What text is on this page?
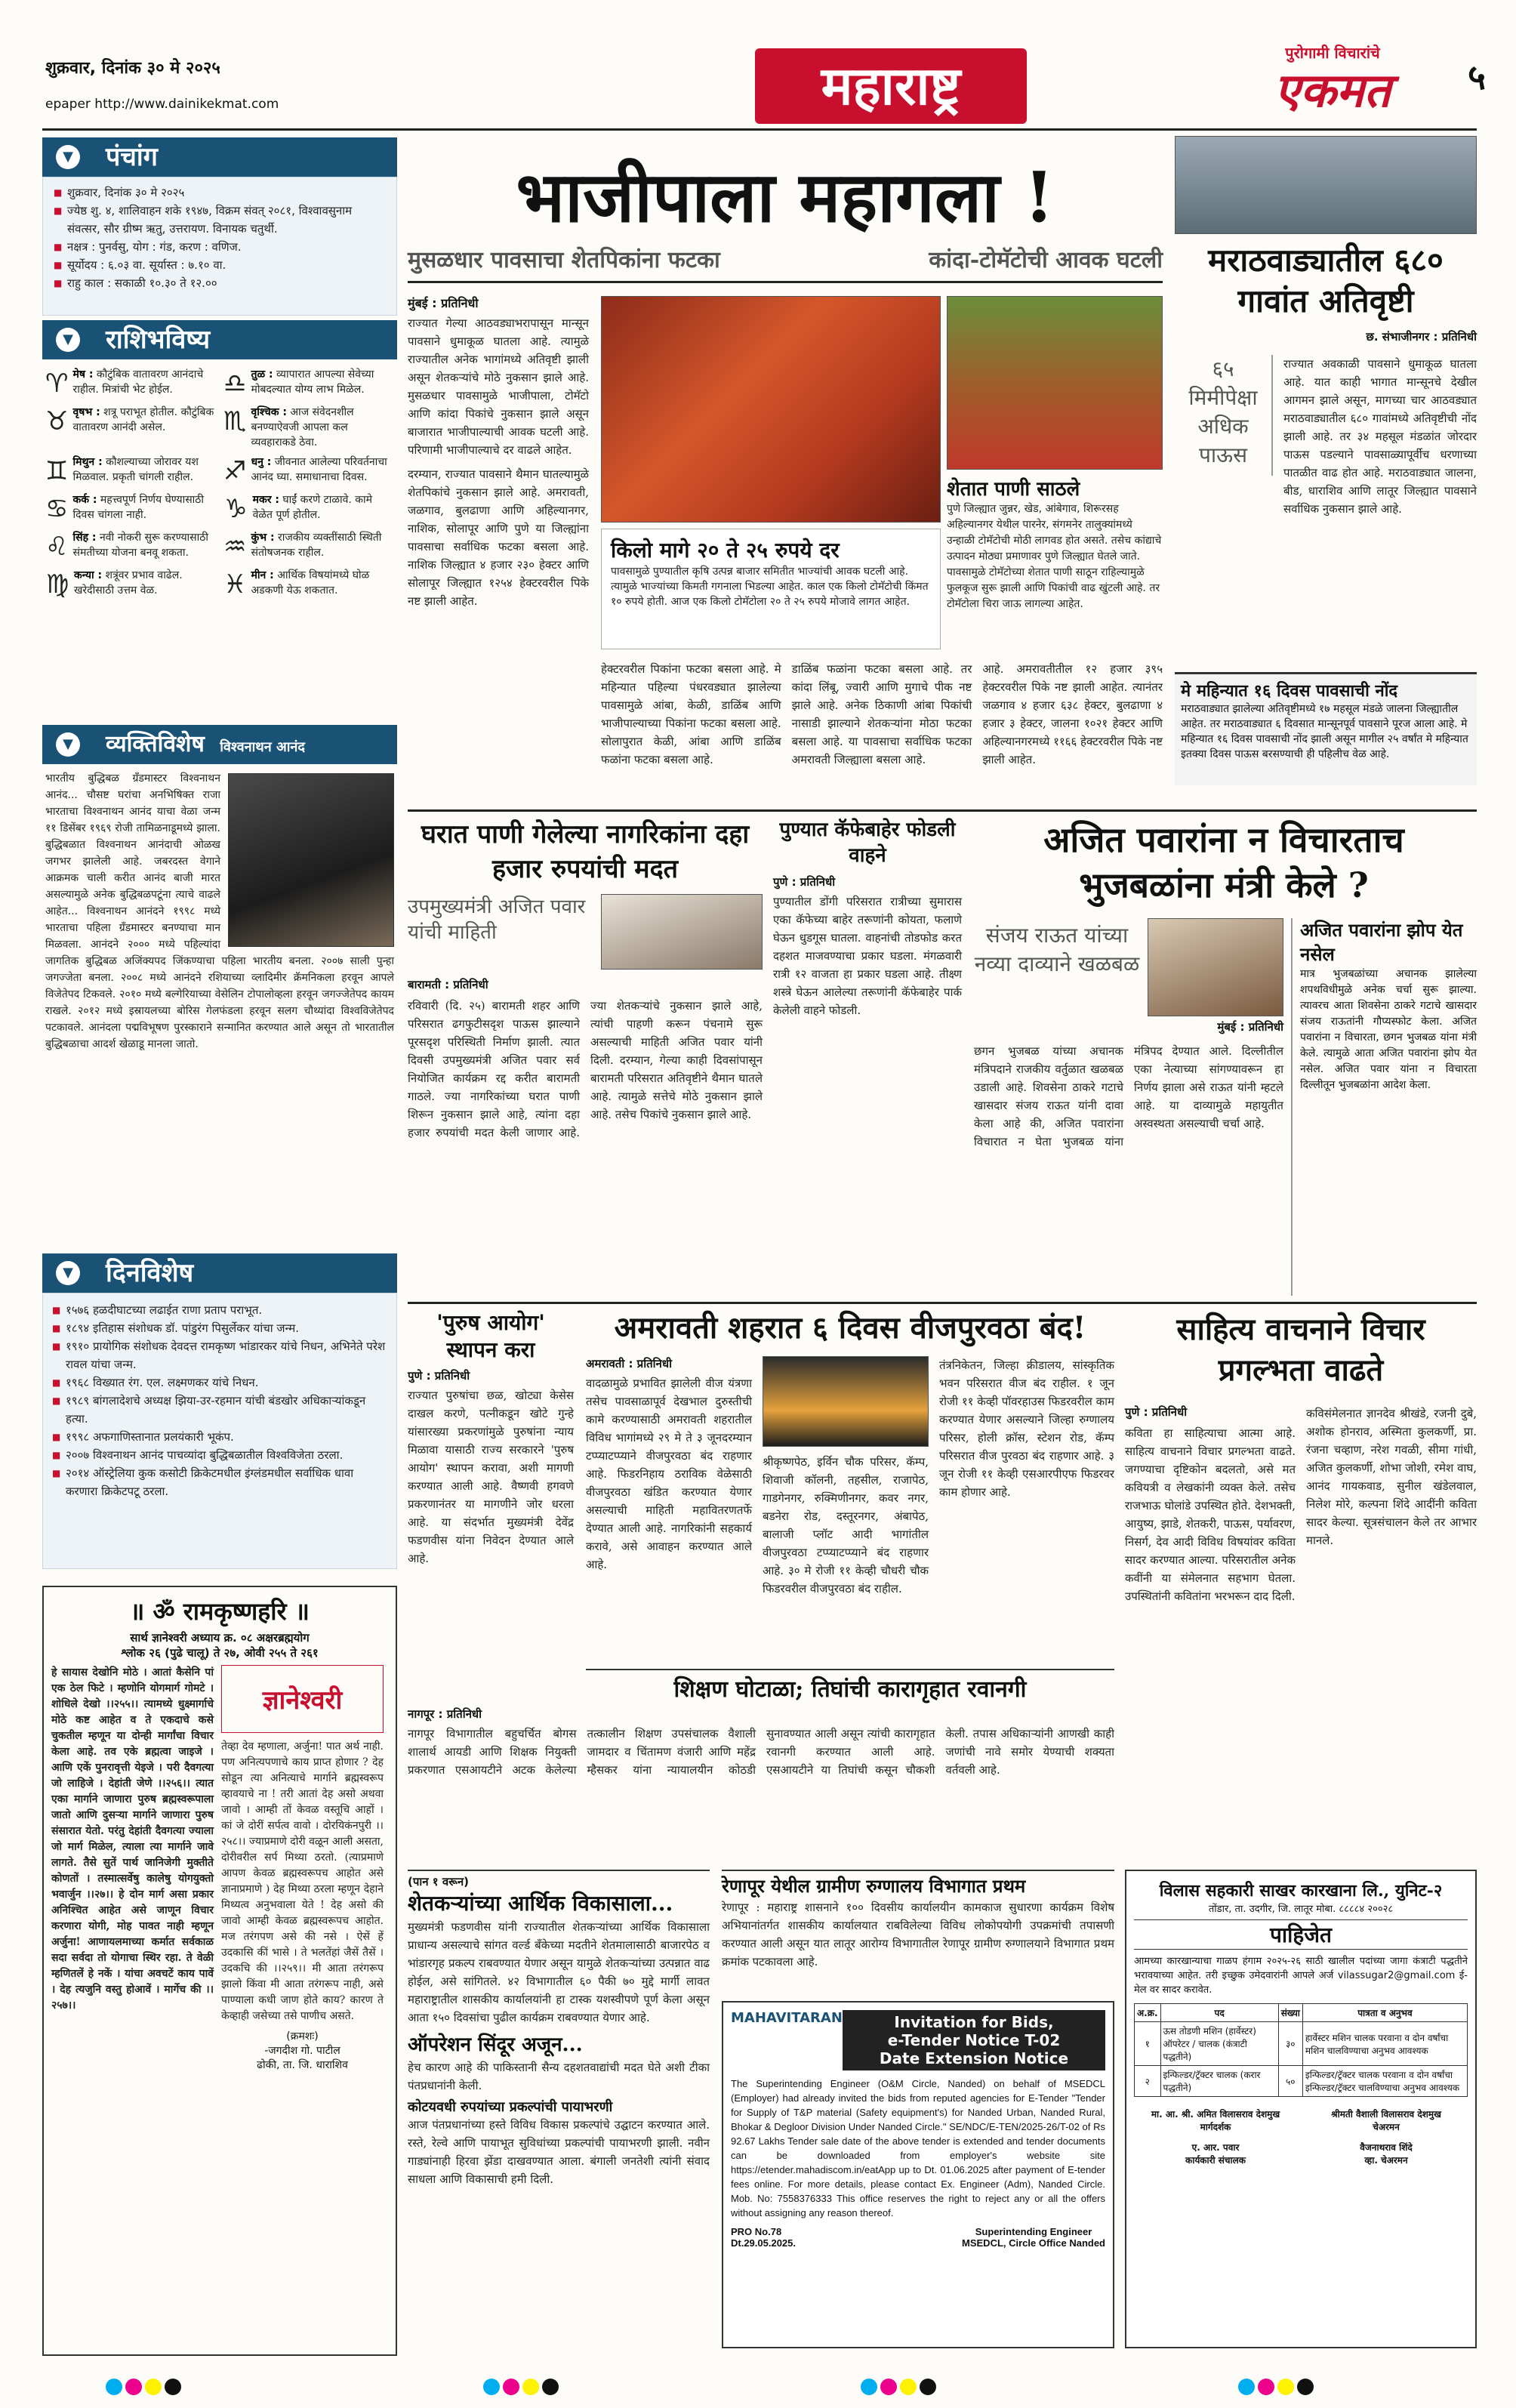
शुक्रवार, दिनांक ३० मे २०२५
epaper http://www.dainikekmat.com	महाराष्ट्र
पुरोगामी विचारांचे
एकमत	५
▼ पंचांग
■ शुक्रवार, दिनांक ३० मे २०२५
■ ज्येष्ठ शु. ४, शालिवाहन शके १९४७, विक्रम संवत् २०८१, विश्वावसुनाम संवत्सर, सौर ग्रीष्म ऋतु, उत्तरायण. विनायक चतुर्थी.
■ नक्षत्र : पुनर्वसु, योग : गंड, करण : वणिज.
■ सूर्योदय : ६.०३ वा. सूर्यास्त : ७.१० वा.
■ राहु काल : सकाळी १०.३० ते १२.००
▼ राशिभविष्य
♈ मेष : कौटुंबिक वातावरण आनंदाचे राहील. मित्रांची भेट होईल.	♎ तुळ : व्यापारात आपल्या सेवेच्या मोबदल्यात योग्य लाभ मिळेल.
♉ वृषभ : शत्रू पराभूत होतील. कौटुंबिक वातावरण आनंदी असेल.	♏ वृश्चिक : आज संवेदनशील बनण्याऐवजी आपला कल व्यवहाराकडे ठेवा.
♊ मिथुन : कौशल्याच्या जोरावर यश मिळवाल. प्रकृती चांगली राहील.	♐ धनु : जीवनात आलेल्या परिवर्तनाचा आनंद घ्या. समाधानाचा दिवस.
♋ कर्क : महत्त्वपूर्ण निर्णय घेण्यासाठी दिवस चांगला नाही.	♑ मकर : घाईं करणे टाळावे. कामे वेळेत पूर्ण होतील.
♌ सिंह : नवी नोकरी सुरू करण्यासाठी संमतीच्या योजना बनवू शकता.	♒ कुंभ : राजकीय व्यक्तींसाठी स्थिती संतोषजनक राहील.
♍ कन्या : शत्रूंवर प्रभाव वाढेल. खरेदीसाठी उत्तम वेळ.	♓ मीन : आर्थिक विषयांमध्ये घोळ अडकणी येऊ शकतात.
▼	व्यक्तिविशेष विश्वनाथन आनंद
भारतीय बुद्धिबळ ग्रँडमास्टर विश्वनाथन आनंद... चौसष्ट घरांचा अनभिषिक्त राजा भारताचा विश्वनाथन आनंद याचा वेळा जन्म ११ डिसेंबर १९६९ रोजी तामिळनाडूमध्ये झाला. बुद्धिबळात विश्वनाथन आनंदाची ओळख जगभर झालेली आहे. जबरदस्त वेगाने आक्रमक चाली करीत आनंद बाजी मारत असल्यामुळे अनेक बुद्धिबळपटूंना त्याचे वाढले आहेत... विश्वनाथन आनंदने १९९८ मध्ये भारताचा पहिला ग्रँडमास्टर बनण्याचा मान मिळवला. आनंदने २००० मध्ये पहिल्यांदा जागतिक बुद्धिबळ अजिंक्यपद जिंकण्याचा पहिला भारतीय बनला. २००७ साली पुन्हा जगज्जेता बनला. २००८ मध्ये आनंदने रशियाच्या व्लादिमीर क्रॅमनिकला हरवून आपले विजेतेपद टिकवले. २०१० मध्ये बल्गेरियाच्या वेसेलिन टोपालोव्हला हरवून जगज्जेतेपद कायम राखले. २०१२ मध्ये इस्रायलच्या बोरिस गेलफंडला हरवून सलग चौथ्यांदा विश्वविजेतेपद पटकावले. आनंदला पद्मविभूषण पुरस्काराने सन्मानित करण्यात आले असून तो भारतातील बुद्धिबळाचा आदर्श खेळाडू मानला जातो.
▼ दिनविशेष
■ १५७६ हळदीघाटच्या लढाईत राणा प्रताप पराभूत.
■ १८९४ इतिहास संशोधक डॉ. पांडुरंग पिसुर्लेकर यांचा जन्म.
■ १९१० प्रायोगिक संशोधक देवदत्त रामकृष्ण भांडारकर यांचे निधन, अभिनेते परेश रावल यांचा जन्म.
■ १९६८ विख्यात रंग. एल. लक्ष्मणकर यांचे निधन.
■ १९८९ बांगलादेशचे अध्यक्ष झिया-उर-रहमान यांची बंडखोर अधिकाऱ्यांकडून हत्या.
■ १९९८ अफगाणिस्तानात प्रलयंकारी भूकंप.
■ २००७ विश्वनाथन आनंद पाचव्यांदा बुद्धिबळातील विश्वविजेता ठरला.
■ २०१४ ऑस्ट्रेलिया कुक कसोटी क्रिकेटमधील इंग्लंडमधील सर्वाधिक धावा करणारा क्रिकेटपटू ठरला.
॥ ॐ रामकृष्णहरि ॥
सार्थ ज्ञानेश्वरी अध्याय क्र. ०८ अक्षरब्रह्मयोग
श्लोक २६ (पुढे चालू) ते २७, ओवी २५५ ते २६१
हे सायास देखोनि मोठे । आतां कैसेनि पां एक ठेल फिटे । म्हणोनि योगमार्ग गोमटे । शोधिले देखो ।।२५५।। त्यामध्ये धुक्ष्मार्गाचे मोठे कष्ट आहेत व ते एकदाचे कसे चुकतील म्हणून या दोन्ही मार्गांचा विचार केला आहे. तव एके ब्रह्मत्वा जाइजे । आणि एकें पुनरावृत्ती येइजे । परी दैवगत्या जो लाहिजे । देहांती जेणे ।।२५६।। त्यात एका मार्गाने जाणारा पुरुष ब्रह्मस्वरूपाला जातो आणि दुसऱ्या मार्गाने जाणारा पुरुष संसारात येतो. परंतु देहांती दैवगत्या ज्याला जो मार्ग मिळेल, त्याला त्या मार्गाने जावे लागते. तैसे सुतें पार्थ जानिजेगी मुक्तीते कोणतों । तस्मात्सर्वेषु कालेषु योगयुक्तो भवार्जुन ।।२७।। हे दोन मार्ग असा प्रकार अनिश्चित आहेत असे जाणून विचार करणारा योगी, मोह पावत नाही म्हणून अर्जुना! आणायलमाच्या कर्मात सर्वकाळ सदा सर्वदा तो योगाचा स्थिर रहा. ते वेळी म्हणितलें हे नकें । यांचा अवचटें काय पावें । देह त्यजुनि वस्तु होआवें । मार्गेच की ।।२५७।।
ज्ञानेश्वरी
तेव्हा देव म्हणाला, अर्जुना! पात अर्थ नाही. पण अनित्यपणाचे काय प्राप्त होणार ? देह सोडून त्या अनित्याचे मार्गाने ब्रह्मस्वरूप व्हावयाचे ना ! तरी आतां देह असो अथवा जावो । आम्ही तों केवळ वस्तूचि आहों । कां जे दोरीं सर्पत्व वावो । दोरयिकंनपुरी ।।२५८।। ज्याप्रमाणे दोरी वळून आली असता, दोरीवरील सर्प मिथ्या ठरतो. (त्याप्रमाणे आपण केवळ ब्रह्मस्वरूपच आहोत असे ज्ञानाप्रमाणे ) देह मिथ्या ठरला म्हणून देहाने मिथ्यत्व अनुभवाला येते ! देह असो की जावो आम्ही केवळ ब्रह्मस्वरूपच आहोत. मज तरंगपण असे की नसे । ऐसें हें उदकासि कीं भासे । ते भलतेंहां जैसें तैसें । उदकचि की ।।२५९।। मी आता तरंगरूप झालो किंवा मी आता तरंगरूप नाही, असे पाण्याला कधी जाण होते काय? कारण ते केव्हाही जसेच्या तसे पाणीच असते.
(क्रमशः)
-जगदीश गो. पाटील
ढोकी, ता. जि. धाराशिव
भाजीपाला महागला !
मुसळधार पावसाचा शेतपिकांना फटका	कांदा-टोमॅटोची आवक घटली
मुंबई : प्रतिनिधी
राज्यात गेल्या आठवड्याभरापासून मान्सून पावसाने धुमाकूळ घातला आहे. त्यामुळे राज्यातील अनेक भागांमध्ये अतिवृष्टी झाली असून शेतकऱ्यांचे मोठे नुकसान झाले आहे. मुसळधार पावसामुळे भाजीपाला, टोमॅटो आणि कांदा पिकांचे नुकसान झाले असून बाजारात भाजीपाल्याची आवक घटली आहे. परिणामी भाजीपाल्याचे दर वाढले आहेत.
दरम्यान, राज्यात पावसाने थैमान घातल्यामुळे शेतपिकांचे नुकसान झाले आहे. अमरावती, जळगाव, बुलढाणा आणि अहिल्यानगर, नाशिक, सोलापूर आणि पुणे या जिल्ह्यांना पावसाचा सर्वाधिक फटका बसला आहे. नाशिक जिल्ह्यात ४ हजार २३० हेक्टर आणि सोलापूर जिल्ह्यात १२५४ हेक्टरवरील पिके नष्ट झाली आहेत.
किलो मागे २० ते २५ रुपये दर
पावसामुळे पुण्यातील कृषि उत्पन्न बाजार समितीत भाज्यांची आवक घटली आहे. त्यामुळे भाज्यांच्या किमती गगनाला भिडल्या आहेत. काल एक किलो टोमॅटोची किंमत १० रुपये होती. आज एक किलो टोमॅटोला २० ते २५ रुपये मोजावे लागत आहेत.
शेतात पाणी साठले
पुणे जिल्ह्यात जुन्नर, खेड, आंबेगाव, शिरूरसह अहिल्यानगर येथील पारनेर, संगमनेर तालुक्यांमध्ये उन्हाळी टोमॅटोची मोठी लागवड होत असते. तसेच कांद्याचे उत्पादन मोठ्या प्रमाणावर पुणे जिल्ह्यात घेतले जाते. पावसामुळे टोमॅटोच्या शेतात पाणी साठून राहिल्यामुळे फुलकूज सुरू झाली आणि पिकांची वाढ खुंटली आहे. तर टोमॅटोला चिरा जाऊ लागल्या आहेत.
हेक्टरवरील पिकांना फटका बसला आहे. मे महिन्यात पहिल्या पंधरवड्यात झालेल्या पावसामुळे आंबा, केळी, डाळिंब आणि भाजीपाल्याच्या पिकांना फटका बसला आहे. सोलापुरात केळी, आंबा आणि डाळिंब फळांना फटका बसला आहे.
डाळिंब फळांना फटका बसला आहे. तर कांदा लिंबू, ज्वारी आणि मुगाचे पीक नष्ट झाले आहे. अनेक ठिकाणी आंबा पिकांची नासाडी झाल्याने शेतकऱ्यांना मोठा फटका बसला आहे. या पावसाचा सर्वाधिक फटका अमरावती जिल्ह्याला बसला आहे.
आहे. अमरावतीतील १२ हजार ३९५ हेक्टरवरील पिके नष्ट झाली आहेत. त्यानंतर जळगाव ४ हजार ६३८ हेक्टर, बुलढाणा ४ हजार ३ हेक्टर, जालना १०२१ हेक्टर आणि अहिल्यानगरमध्ये ११६६ हेक्टरवरील पिके नष्ट झाली आहेत.
मराठवाड्यातील ६८० गावांत अतिवृष्टी
छ. संभाजीनगर : प्रतिनिधी
६५ मिमीपेक्षा अधिक पाऊस
राज्यात अवकाळी पावसाने धुमाकूळ घातला आहे. यात काही भागात मान्सूनचे देखील आगमन झाले असून, मागच्या चार आठवड्यात मराठवाड्यातील ६८० गावांमध्ये अतिवृष्टीची नोंद झाली आहे. तर ३४ महसूल मंडळांत जोरदार पाऊस पडल्याने पावसाळ्यापूर्वीच धरणाच्या पातळीत वाढ होत आहे. मराठवाड्यात जालना, बीड, धाराशिव आणि लातूर जिल्ह्यात पावसाने सर्वाधिक नुकसान झाले आहे.
मे महिन्यात १६ दिवस पावसाची नोंद
मराठवाड्यात झालेल्या अतिवृष्टीमध्ये १७ महसूल मंडळे जालना जिल्ह्यातील आहेत. तर मराठवाड्यात ६ दिवसात मान्सूनपूर्व पावसाने पूरज आला आहे. मे महिन्यात १६ दिवस पावसाची नोंद झाली असून मागील २५ वर्षांत मे महिन्यात इतक्या दिवस पाऊस बरसण्याची ही पहिलीच वेळ आहे.
घरात पाणी गेलेल्या नागरिकांना दहा हजार रुपयांची मदत
उपमुख्यमंत्री अजित पवार यांची माहिती
बारामती : प्रतिनिधी
रविवारी (दि. २५) बारामती शहर आणि परिसरात ढगफुटीसदृश पाऊस झाल्याने पूरसदृश परिस्थिती निर्माण झाली. त्यात दिवसी उपमुख्यमंत्री अजित पवार सर्व नियोजित कार्यक्रम रद्द करीत बारामती गाठले. ज्या नागरिकांच्या घरात पाणी शिरून नुकसान झाले आहे, त्यांना दहा हजार रुपयांची मदत केली जाणार आहे. ज्या शेतकऱ्यांचे नुकसान झाले आहे, त्यांची पाहणी करून पंचनामे सुरू असल्याची माहिती अजित पवार यांनी दिली. दरम्यान, गेल्या काही दिवसांपासून बारामती परिसरात अतिवृष्टीने थैमान घातले आहे. त्यामुळे सत्तेचे मोठे नुकसान झाले आहे. तसेच पिकांचे नुकसान झाले आहे.
पुण्यात कॅफेबाहेर फोडली वाहने
पुणे : प्रतिनिधी
पुण्यातील डोंगी परिसरात रात्रीच्या सुमारास एका कॅफेच्या बाहेर तरूणांनी कोयता, फलाणे घेऊन धुडगूस घातला. वाहनांची तोडफोड करत दहशत माजवण्याचा प्रकार घडला. मंगळवारी रात्री १२ वाजता हा प्रकार घडला आहे. तीक्ष्ण शस्त्रे घेऊन आलेल्या तरूणांनी कॅफेबाहेर पार्क केलेली वाहने फोडली.
अजित पवारांना न विचारताच भुजबळांना मंत्री केले ?
संजय राऊत यांच्या नव्या दाव्याने खळबळ
मुंबई : प्रतिनिधी
छगन भुजबळ यांच्या अचानक मंत्रिपदाने राजकीय वर्तुळात खळबळ उडाली आहे. शिवसेना ठाकरे गटाचे खासदार संजय राऊत यांनी दावा केला आहे की, अजित पवारांना विचारात न घेता भुजबळ यांना मंत्रिपद देण्यात आले. दिल्लीतील एका नेत्याच्या सांगण्यावरून हा निर्णय झाला असे राऊत यांनी म्हटले आहे. या दाव्यामुळे महायुतीत अस्वस्थता असल्याची चर्चा आहे.
अजित पवारांना झोप येत नसेल
मात्र भुजबळांच्या अचानक झालेल्या शपथविधीमुळे अनेक चर्चा सुरू झाल्या. त्यावरच आता शिवसेना ठाकरे गटाचे खासदार संजय राऊतांनी गौप्यस्फोट केला. अजित पवारांना न विचारता, छगन भुजबळ यांना मंत्री केले. त्यामुळे आता अजित पवारांना झोप येत नसेल. अजित पवार यांना न विचारता दिल्लीतून भुजबळांना आदेश केला.
'पुरुष आयोग' स्थापन करा
पुणे : प्रतिनिधी
राज्यात पुरुषांचा छळ, खोट्या केसेस दाखल करणे, पत्नीकडून खोटे गुन्हे यांसारख्या प्रकरणांमुळे पुरुषांना न्याय मिळावा यासाठी राज्य सरकारने 'पुरुष आयोग' स्थापन करावा, अशी मागणी करण्यात आली आहे. वैष्णवी हगवणे प्रकरणानंतर या मागणीने जोर धरला आहे. या संदर्भात मुख्यमंत्री देवेंद्र फडणवीस यांना निवेदन देण्यात आले आहे.
अमरावती शहरात ६ दिवस वीजपुरवठा बंद!
अमरावती : प्रतिनिधी
वादळामुळे प्रभावित झालेली वीज यंत्रणा तसेच पावसाळापूर्व देखभाल दुरुस्तीची कामे करण्यासाठी अमरावती शहरातील विविध भागांमध्ये २९ मे ते ३ जूनदरम्यान टप्प्याटप्प्याने वीजपुरवठा बंद राहणार आहे. फिडरनिहाय ठराविक वेळेसाठी वीजपुरवठा खंडित करण्यात येणार असल्याची माहिती महावितरणतर्फे देण्यात आली आहे. नागरिकांनी सहकार्य करावे, असे आवाहन करण्यात आले आहे.
श्रीकृष्णपेठ, इर्विन चौक परिसर, कॅम्प, शिवाजी कॉलनी, तहसील, राजापेठ, गाडगेनगर, रुक्मिणीनगर, कवर नगर, बडनेरा रोड, दस्तूरनगर, अंबापेठ, बालाजी प्लॉट आदी भागांतील वीजपुरवठा टप्प्याटप्प्याने बंद राहणार आहे. ३० मे रोजी ११ केव्ही चौधरी चौक फिडरवरील वीजपुरवठा बंद राहील.
तंत्रनिकेतन, जिल्हा क्रीडालय, सांस्कृतिक भवन परिसरात वीज बंद राहील. १ जून रोजी ११ केव्ही पॉवरहाउस फिडरवरील काम करण्यात येणार असल्याने जिल्हा रुग्णालय परिसर, होली क्रॉस, स्टेशन रोड, कॅम्प परिसरात वीज पुरवठा बंद राहणार आहे. ३ जून रोजी ११ केव्ही एसआरपीएफ फिडरवर काम होणार आहे.
साहित्य वाचनाने विचार प्रगल्भता वाढते
पुणे : प्रतिनिधी
कविता हा साहित्याचा आत्मा आहे. साहित्य वाचनाने विचार प्रगल्भता वाढते. जगण्याचा दृष्टिकोन बदलतो, असे मत कवियत्री व लेखकांनी व्यक्त केले. तसेच राजभाऊ घोलांडे उपस्थित होते. देशभक्ती, आयुष्य, झाडे, शेतकरी, पाऊस, पर्यावरण, निसर्ग, देव आदी विविध विषयांवर कविता सादर करण्यात आल्या. परिसरातील अनेक कवींनी या संमेलनात सहभाग घेतला. उपस्थितांनी कवितांना भरभरून दाद दिली.
कविसंमेलनात ज्ञानदेव श्रीखंडे, रजनी दुबे, अशोक होनराव, अस्मिता कुलकर्णी, प्रा. रंजना चव्हाण, नरेश गवळी, सीमा गांधी, अजित कुलकर्णी, शोभा जोशी, रमेश वाघ, आनंद गायकवाड, सुनील खंडेलवाल, निलेश मोरे, कल्पना शिंदे आदींनी कविता सादर केल्या. सूत्रसंचालन केले तर आभार मानले.
शिक्षण घोटाळा; तिघांची कारागृहात रवानगी
नागपूर : प्रतिनिधी
नागपूर विभागातील बहुचर्चित बोगस शालार्थ आयडी आणि शिक्षक नियुक्ती प्रकरणात एसआयटीने अटक केलेल्या तत्कालीन शिक्षण उपसंचालक वैशाली जामदार व चिंतामण वंजारी आणि महेंद्र म्हैसकर यांना न्यायालयीन कोठडी सुनावण्यात आली असून त्यांची कारागृहात रवानगी करण्यात आली आहे. एसआयटीने या तिघांची कसून चौकशी केली. तपास अधिकाऱ्यांनी आणखी काही जणांची नावे समोर येण्याची शक्यता वर्तवली आहे.
(पान १ वरून)
शेतकऱ्यांच्या आर्थिक विकासाला...
मुख्यमंत्री फडणवीस यांनी राज्यातील शेतकऱ्यांच्या आर्थिक विकासाला प्राधान्य असल्याचे सांगत वर्ल्ड बँकेच्या मदतीने शेतमालासाठी बाजारपेठ व भांडारगृह प्रकल्प राबवण्यात येणार असून यामुळे शेतकऱ्यांच्या उत्पन्नात वाढ होईल, असे सांगितले. ४२ विभागातील ६० पैकी ७० मुद्दे मार्गी लावत महाराष्ट्रातील शासकीय कार्यालयांनी हा टास्क यशस्वीपणे पूर्ण केला असून आता १५० दिवसांचा पुढील कार्यक्रम राबवण्यात येणार आहे.
ऑपरेशन सिंदूर अजून...
हेच कारण आहे की पाकिस्तानी सैन्य दहशतवाद्यांची मदत घेते अशी टीका पंतप्रधानांनी केली.
कोटयवधी रुपयांच्या प्रकल्पांची पायाभरणी
आज पंतप्रधानांच्या हस्ते विविध विकास प्रकल्पांचे उद्घाटन करण्यात आले. रस्ते, रेल्वे आणि पायाभूत सुविधांच्या प्रकल्पांची पायाभरणी झाली. नवीन गाड्यांनाही हिरवा झेंडा दाखवण्यात आला. बंगाली जनतेशी त्यांनी संवाद साधला आणि विकासाची हमी दिली.
रेणापूर येथील ग्रामीण रुग्णालय विभागात प्रथम
रेणापूर : महाराष्ट्र शासनाने १०० दिवसीय कार्यालयीन कामकाज सुधारणा कार्यक्रम विशेष अभियानांतर्गत शासकीय कार्यालयात राबविलेल्या विविध लोकोपयोगी उपक्रमांची तपासणी करण्यात आली असून यात लातूर आरोग्य विभागातील रेणापूर ग्रामीण रुग्णालयाने विभागात प्रथम क्रमांक पटकावला आहे.
MAHAVITARAN	Invitation for Bids,
e-Tender Notice T-02
Date Extension Notice
The Superintending Engineer (O&M Circle, Nanded) on behalf of MSEDCL (Employer) had already invited the bids from reputed agencies for E-Tender "Tender for Supply of T&P material (Safety equipment's) for Nanded Urban, Nanded Rural, Bhokar & Degloor Division Under Nanded Circle." SE/NDC/E-TEN/2025-26/T-02 of Rs 92.67 Lakhs Tender sale date of the above tender is extended and tender documents can be downloaded from employer's website site https://etender.mahadiscom.in/eatApp up to Dt. 01.06.2025 after payment of E-tender fees online. For more details, please contact Ex. Engineer (Adm), Nanded Circle. Mob. No: 7558376333 This office reserves the right to reject any or all the offers without assigning any reason thereof.
PRO No.78
Dt.29.05.2025.
Superintending Engineer
MSEDCL, Circle Office Nanded
विलास सहकारी साखर कारखाना लि., युनिट-२
तोंडार, ता. उदगीर, जि. लातूर मोबा. ८८८८४ २००२८
पाहिजेत
आमच्या कारखान्याचा गाळप हंगाम २०२५-२६ साठी खालील पदांच्या जागा कंत्राटी पद्धतीने भरावयाच्या आहेत. तरी इच्छुक उमेदवारांनी आपले अर्ज vilassugar2@gmail.com ई-मेल वर सादर करावेत.
अ.क्र.	पद	संख्या	पात्रता व अनुभव
१	ऊस तोडणी मशिन (हार्वेस्टर) ऑपरेटर / चालक (कंत्राटी पद्धतीने)	३०	हार्वेस्टर मशिन चालक परवाना व दोन वर्षांचा मशिन चालविण्याचा अनुभव आवश्यक
२	इन्फिल्डर/ट्रॅक्टर चालक (करार पद्धतीने)	५०	इन्फिल्डर/ट्रॅक्टर चालक परवाना व दोन वर्षांचा इन्फिल्डर/ट्रॅक्टर चालविण्याचा अनुभव आवश्यक
मा. आ. श्री. अमित विलासराव देशमुख
मार्गदर्शक
श्रीमती वैशाली विलासराव देशमुख
चेअरमन
ए. आर. पवार
कार्यकारी संचालक
वैजनाथराव शिंदे
व्हा. चेअरमन
